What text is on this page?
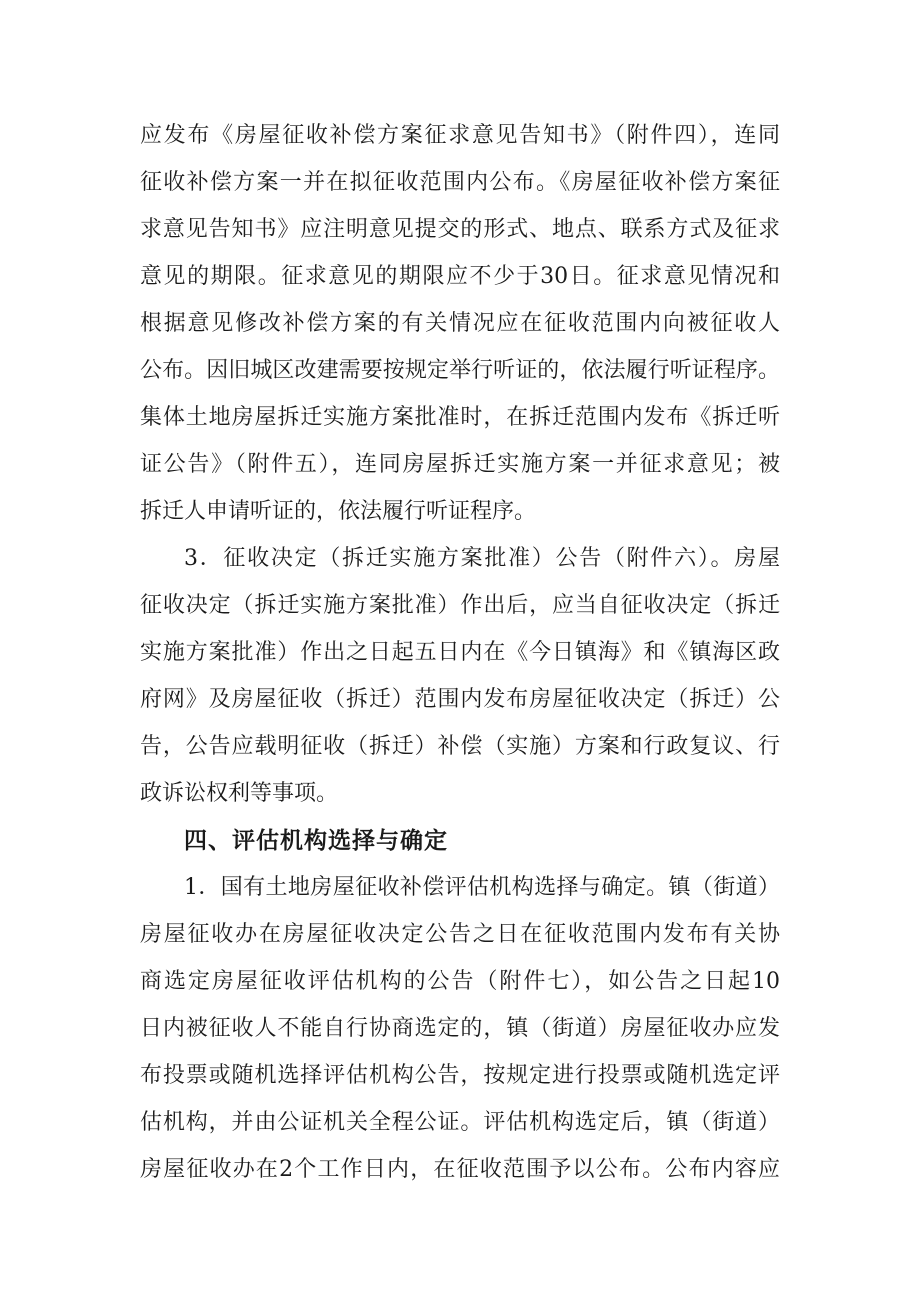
应发布《房屋征收补偿方案征求意见告知书》（附件四），连同
征收补偿方案一并在拟征收范围内公布。《房屋征收补偿方案征
求意见告知书》应注明意见提交的形式、地点、联系方式及征求
意见的期限。征求意见的期限应不少于30日。征求意见情况和
根据意见修改补偿方案的有关情况应在征收范围内向被征收人
公布。因旧城区改建需要按规定举行听证的，依法履行听证程序。
集体土地房屋拆迁实施方案批准时，在拆迁范围内发布《拆迁听
证公告》（附件五），连同房屋拆迁实施方案一并征求意见；被
拆迁人申请听证的，依法履行听证程序。
3．征收决定（拆迁实施方案批准）公告（附件六）。房屋
征收决定（拆迁实施方案批准）作出后，应当自征收决定（拆迁
实施方案批准）作出之日起五日内在《今日镇海》和《镇海区政
府网》及房屋征收（拆迁）范围内发布房屋征收决定（拆迁）公
告，公告应载明征收（拆迁）补偿（实施）方案和行政复议、行
政诉讼权利等事项。
四、评估机构选择与确定
1．国有土地房屋征收补偿评估机构选择与确定。镇（街道）
房屋征收办在房屋征收决定公告之日在征收范围内发布有关协
商选定房屋征收评估机构的公告（附件七），如公告之日起10
日内被征收人不能自行协商选定的，镇（街道）房屋征收办应发
布投票或随机选择评估机构公告，按规定进行投票或随机选定评
估机构，并由公证机关全程公证。评估机构选定后，镇（街道）
房屋征收办在2个工作日内，在征收范围予以公布。公布内容应
